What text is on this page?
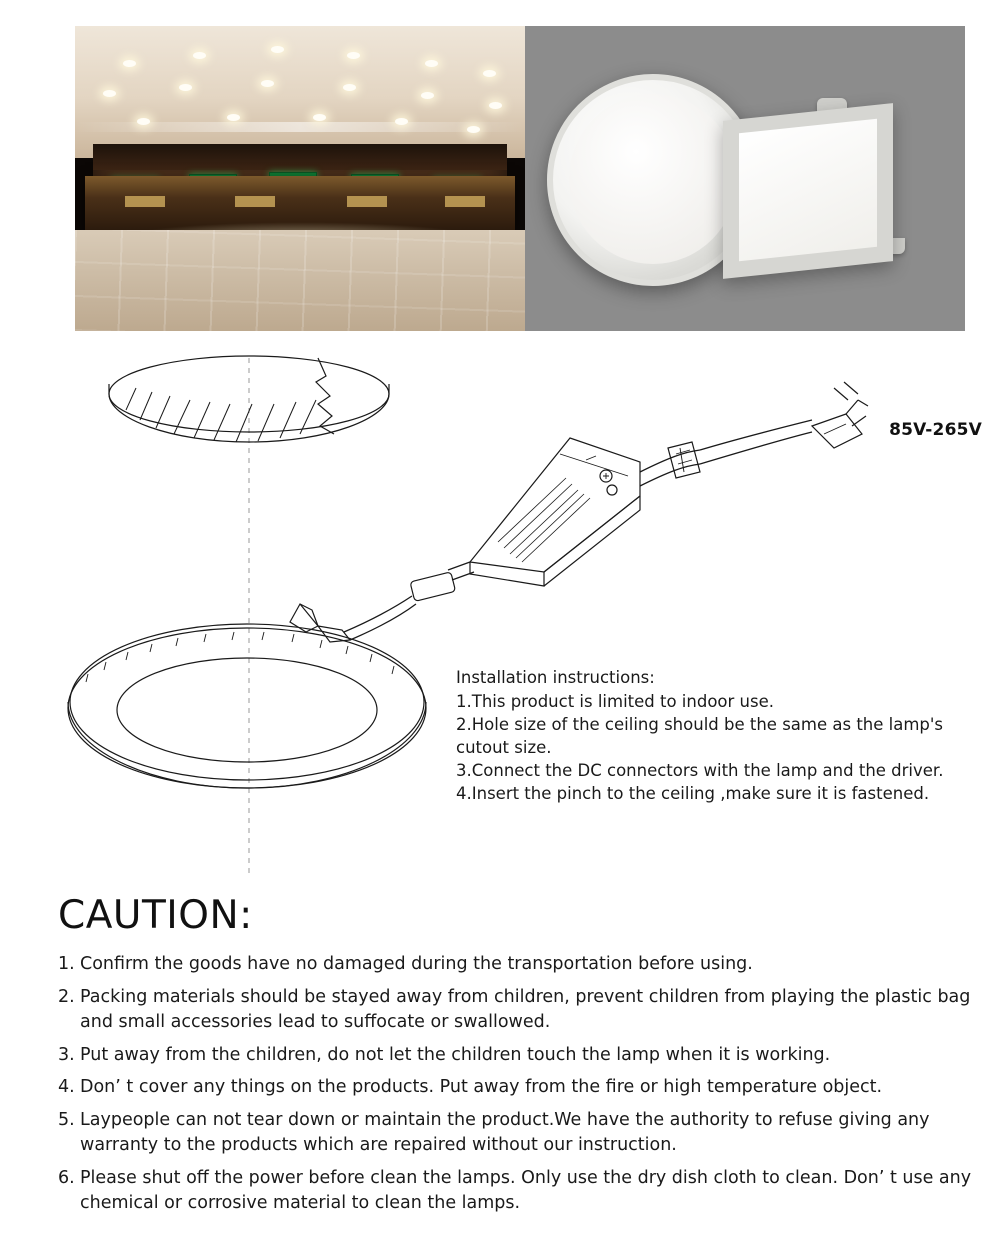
85V-265V
Installation instructions:
1.This product is limited to indoor use.
2.Hole size of the ceiling should be the same as the lamp's cutout size.
3.Connect the DC connectors with the lamp and the driver.
4.Insert the pinch to the ceiling ,make sure it is fastened.
CAUTION:
1. Confirm the goods have no damaged during the transportation before using.
2. Packing materials should be stayed away from children, prevent children from playing the plastic bag and small accessories lead to suffocate or swallowed.
3. Put away from the children, do not let the children touch the lamp when it is working.
4. Don’ t cover any things on the products. Put away from the fire or high temperature object.
5. Laypeople can not tear down or maintain the product.We have the authority to refuse giving any warranty to the products which are repaired without our instruction.
6. Please shut off the power before clean the lamps. Only use the dry dish cloth to clean. Don’ t use any chemical or corrosive material to clean the lamps.
